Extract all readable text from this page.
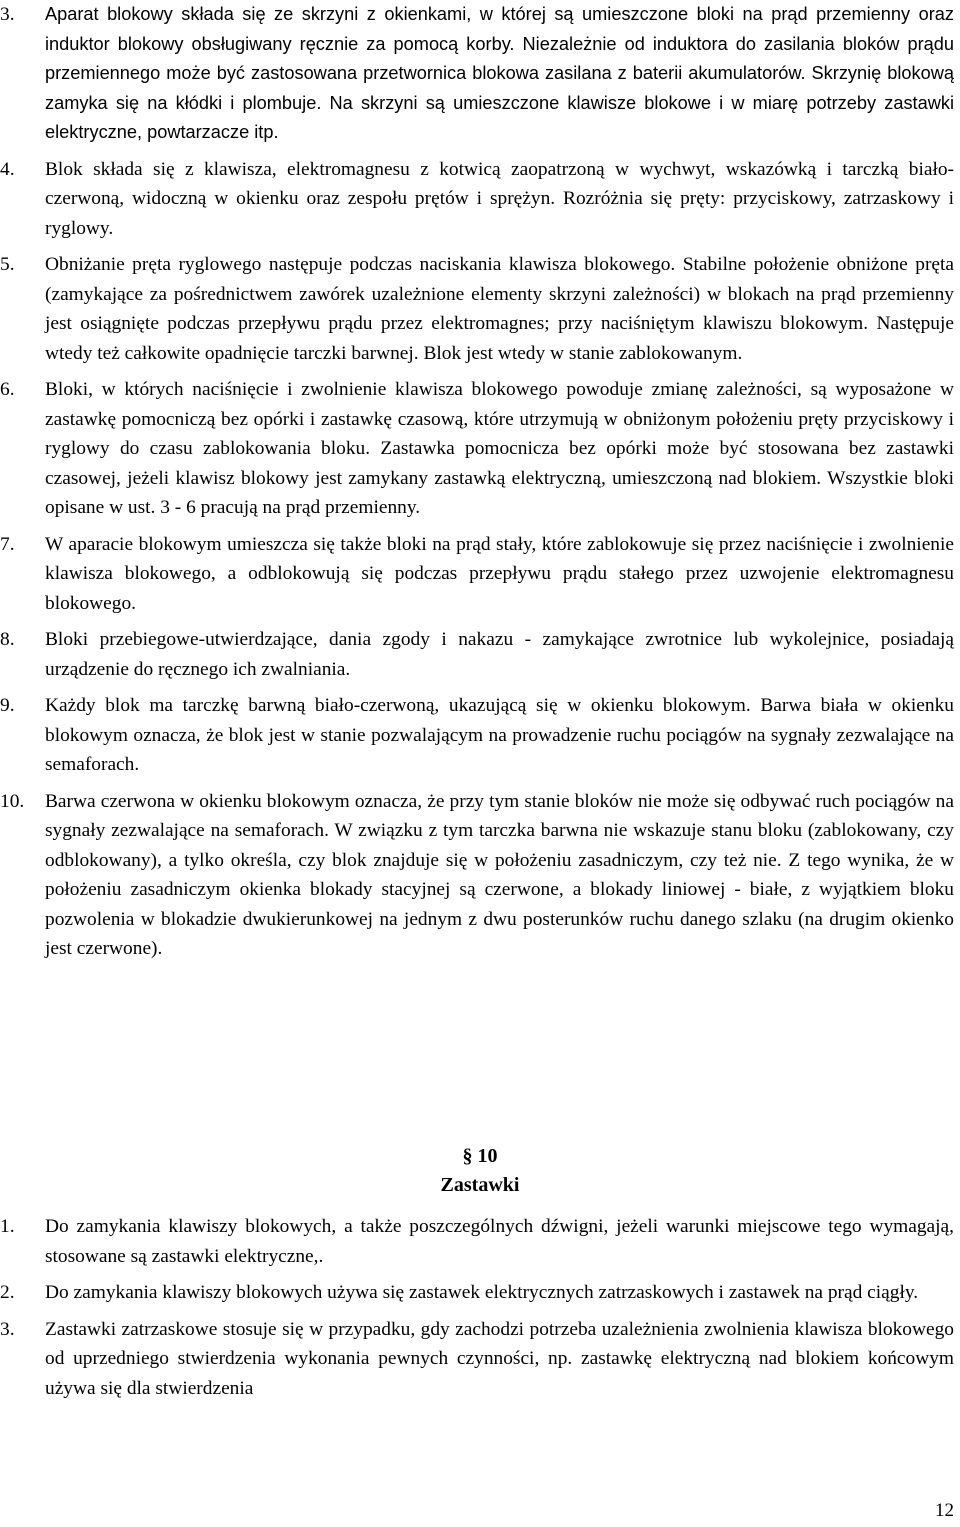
3. Aparat blokowy składa się ze skrzyni z okienkami, w której są umieszczone bloki na prąd przemienny oraz induktor blokowy obsługiwany ręcznie za pomocą korby. Niezależnie od induktora do zasilania bloków prądu przemiennego może być zastosowana przetwornica blokowa zasilana z baterii akumulatorów. Skrzynię blokową zamyka się na kłódki i plombuje. Na skrzyni są umieszczone klawisze blokowe i w miarę potrzeby zastawki elektryczne, powtarzacze itp.
4. Blok składa się z klawisza, elektromagnesu z kotwicą zaopatrzoną w wychwyt, wskazówką i tarczką biało-czerwoną, widoczną w okienku oraz zespołu prętów i sprężyn. Rozróżnia się pręty: przyciskowy, zatrzaskowy i ryglowy.
5. Obniżanie pręta ryglowego następuje podczas naciskania klawisza blokowego. Stabilne położenie obniżone pręta (zamykające za pośrednictwem zawórek uzależnione elementy skrzyni zależności) w blokach na prąd przemienny jest osiągnięte podczas przepływu prądu przez elektromagnes; przy naciśniętym klawiszu blokowym. Następuje wtedy też całkowite opadnięcie tarczki barwnej. Blok jest wtedy w stanie zablokowanym.
6. Bloki, w których naciśnięcie i zwolnienie klawisza blokowego powoduje zmianę zależności, są wyposażone w zastawkę pomocniczą bez opórki i zastawkę czasową, które utrzymują w obniżonym położeniu pręty przyciskowy i ryglowy do czasu zablokowania bloku. Zastawka pomocnicza bez opórki może być stosowana bez zastawki czasowej, jeżeli klawisz blokowy jest zamykany zastawką elektryczną, umieszczoną nad blokiem. Wszystkie bloki opisane w ust. 3 - 6 pracują na prąd przemienny.
7. W aparacie blokowym umieszcza się także bloki na prąd stały, które zablokowuje się przez naciśnięcie i zwolnienie klawisza blokowego, a odblokowują się podczas przepływu prądu stałego przez uzwojenie elektromagnesu blokowego.
8. Bloki przebiegowe-utwierdzające, dania zgody i nakazu - zamykające zwrotnice lub wykolejnice, posiadają urządzenie do ręcznego ich zwalniania.
9. Każdy blok ma tarczkę barwną biało-czerwoną, ukazującą się w okienku blokowym. Barwa biała w okienku blokowym oznacza, że blok jest w stanie pozwalającym na prowadzenie ruchu pociągów na sygnały zezwalające na semaforach.
10. Barwa czerwona w okienku blokowym oznacza, że przy tym stanie bloków nie może się odbywać ruch pociągów na sygnały zezwalające na semaforach. W związku z tym tarczka barwna nie wskazuje stanu bloku (zablokowany, czy odblokowany), a tylko określa, czy blok znajduje się w położeniu zasadniczym, czy też nie. Z tego wynika, że w położeniu zasadniczym okienka blokady stacyjnej są czerwone, a blokady liniowej - białe, z wyjątkiem bloku pozwolenia w blokadzie dwukierunkowej na jednym z dwu posterunków ruchu danego szlaku (na drugim okienko jest czerwone).
§ 10
Zastawki
1. Do zamykania klawiszy blokowych, a także poszczególnych dźwigni, jeżeli warunki miejscowe tego wymagają, stosowane są zastawki elektryczne,.
2. Do zamykania klawiszy blokowych używa się zastawek elektrycznych zatrzaskowych i zastawek na prąd ciągły.
3. Zastawki zatrzaskowe stosuje się w przypadku, gdy zachodzi potrzeba uzależnienia zwolnienia klawisza blokowego od uprzedniego stwierdzenia wykonania pewnych czynności, np. zastawkę elektryczną nad blokiem końcowym używa się dla stwierdzenia
12
